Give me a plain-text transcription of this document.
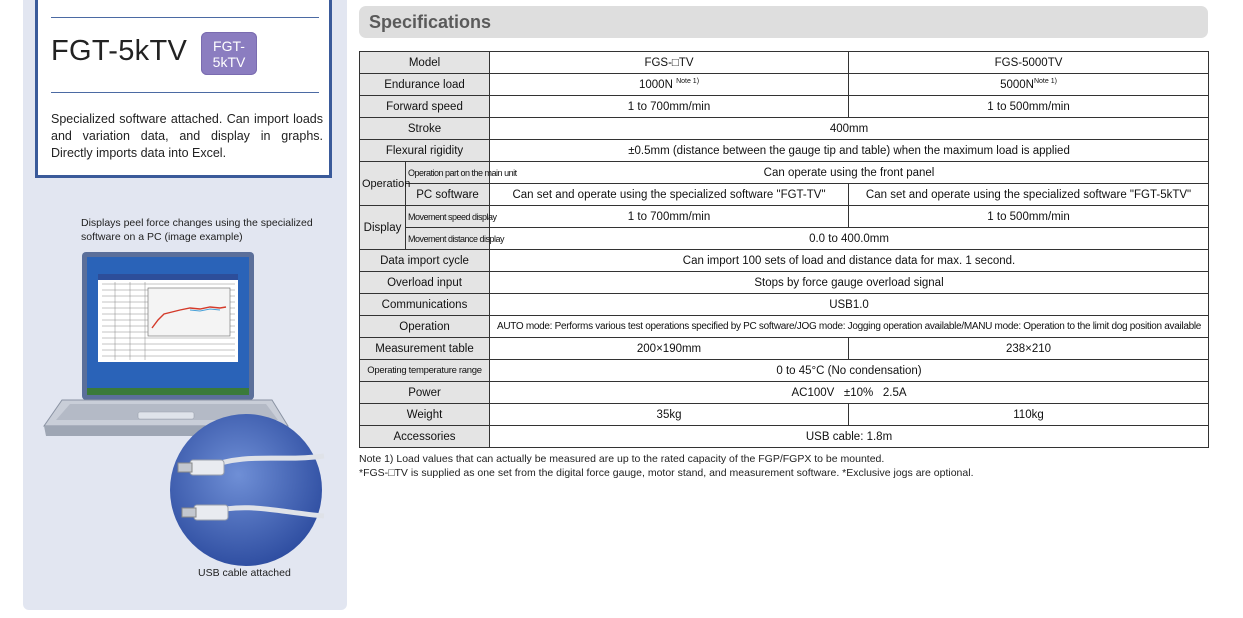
FGT-5kTV FGT-
5kTV
Specialized software attached. Can import loads and variation data, and display in graphs. Directly imports data into Excel.
Displays peel force changes using the specialized software on a PC (image example)
USB cable attached
Specifications
Model		FGS-□TV	FGS-5000TV
Endurance load		1000N $^{Note 1)}$	$5000N^{Note 1)}$
Forward speed		1 to 700mm/min	1 to 500mm/min
Stroke		400mm	
Flexural rigidity		±0.5mm (distance between the gauge tip and table) when the maximum load is applied	
Operation	Operation part on the main unit	Can operate using the front panel	
	PC software	Can set and operate using the specialized software "FGT-TV"	Can set and operate using the specialized software "FGT-5kTV"
Display	Movement speed display	1 to 700mm/min	1 to 500mm/min
	Movement distance display	0.0 to 400.0mm	
Data import cycle		Can import 100 sets of load and distance data for max. 1 second.	
Overload input		Stops by force gauge overload signal	
Communications		USB1.0	
Operation		AUTO mode: Performs various test operations specified by PC software/JOG mode: Jogging operation available/MANU mode: Operation to the limit dog position available	
Measurement table		200×190mm	238×210
Operating temperature range		0 to 45°C (No condensation)	
Power		AC100V   ±10%   2.5A	
Weight		35kg	110kg
Accessories		USB cable: 1.8m	
Note 1) Load values that can actually be measured are up to the rated capacity of the FGP/FGPX to be mounted.
*FGS-□TV is supplied as one set from the digital force gauge, motor stand, and measurement software. *Exclusive jogs are optional.
